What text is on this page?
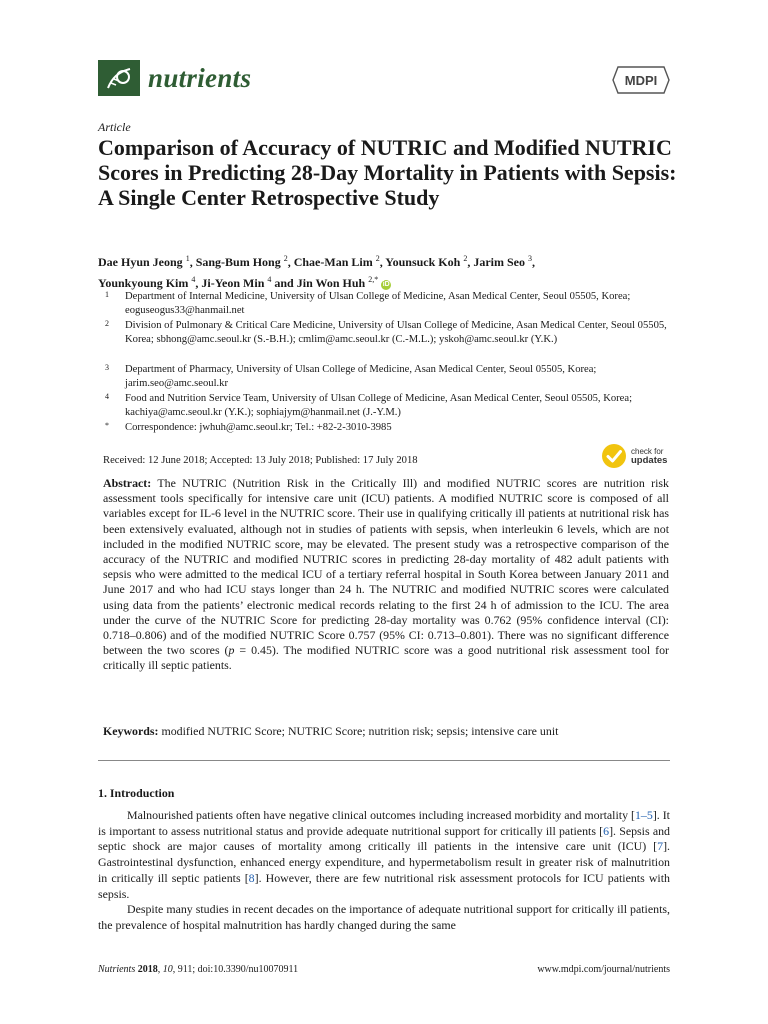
nutrients	MDPI
Article
Comparison of Accuracy of NUTRIC and Modified NUTRIC Scores in Predicting 28-Day Mortality in Patients with Sepsis: A Single Center Retrospective Study
Dae Hyun Jeong $^1$, Sang-Bum Hong $^2$, Chae-Man Lim $^2$, Younsuck Koh $^2$, Jarim Seo $^3$,
Younkyoung Kim $^4$, Ji-Yeon Min $^4$ and Jin Won Huh $^{2,*}$ iD
1 Department of Internal Medicine, University of Ulsan College of Medicine, Asan Medical Center, Seoul 05505, Korea; eoguseogus33@hanmail.net
2 Division of Pulmonary & Critical Care Medicine, University of Ulsan College of Medicine, Asan Medical Center, Seoul 05505, Korea; sbhong@amc.seoul.kr (S.-B.H.); cmlim@amc.seoul.kr (C.-M.L.); yskoh@amc.seoul.kr (Y.K.)
3 Department of Pharmacy, University of Ulsan College of Medicine, Asan Medical Center, Seoul 05505, Korea; jarim.seo@amc.seoul.kr
4 Food and Nutrition Service Team, University of Ulsan College of Medicine, Asan Medical Center, Seoul 05505, Korea; kachiya@amc.seoul.kr (Y.K.); sophiajym@hanmail.net (J.-Y.M.)
* Correspondence: jwhuh@amc.seoul.kr; Tel.: +82-2-3010-3985
Received: 12 June 2018; Accepted: 13 July 2018; Published: 17 July 2018
check for
updates
Abstract: The NUTRIC (Nutrition Risk in the Critically Ill) and modified NUTRIC scores are nutrition risk assessment tools specifically for intensive care unit (ICU) patients. A modified NUTRIC score is composed of all variables except for IL-6 level in the NUTRIC score. Their use in qualifying critically ill patients at nutritional risk has been extensively evaluated, although not in studies of patients with sepsis, when interleukin 6 levels, which are not included in the modified NUTRIC score, may be elevated. The present study was a retrospective comparison of the accuracy of the NUTRIC and modified NUTRIC scores in predicting 28-day mortality of 482 adult patients with sepsis who were admitted to the medical ICU of a tertiary referral hospital in South Korea between January 2011 and June 2017 and who had ICU stays longer than 24 h. The NUTRIC and modified NUTRIC scores were calculated using data from the patients’ electronic medical records relating to the first 24 h of admission to the ICU. The area under the curve of the NUTRIC Score for predicting 28-day mortality was 0.762 (95% confidence interval (CI): 0.718–0.806) and of the modified NUTRIC Score 0.757 (95% CI: 0.713–0.801). There was no significant difference between the two scores (p = 0.45). The modified NUTRIC score was a good nutritional risk assessment tool for critically ill septic patients.
Keywords: modified NUTRIC Score; NUTRIC Score; nutrition risk; sepsis; intensive care unit
1. Introduction

Malnourished patients often have negative clinical outcomes including increased morbidity and mortality [1–5]. It is important to assess nutritional status and provide adequate nutritional support for critically ill patients [6]. Sepsis and septic shock are major causes of mortality among critically ill patients in the intensive care unit (ICU) [7]. Gastrointestinal dysfunction, enhanced energy expenditure, and hypermetabolism result in greater risk of malnutrition in critically ill septic patients [8]. However, there are few nutritional risk assessment protocols for ICU patients with sepsis.

Despite many studies in recent decades on the importance of adequate nutritional support for critically ill patients, the prevalence of hospital malnutrition has hardly changed during the same

Nutrients 2018, 10, 911; doi:10.3390/nu10070911	www.mdpi.com/journal/nutrients
